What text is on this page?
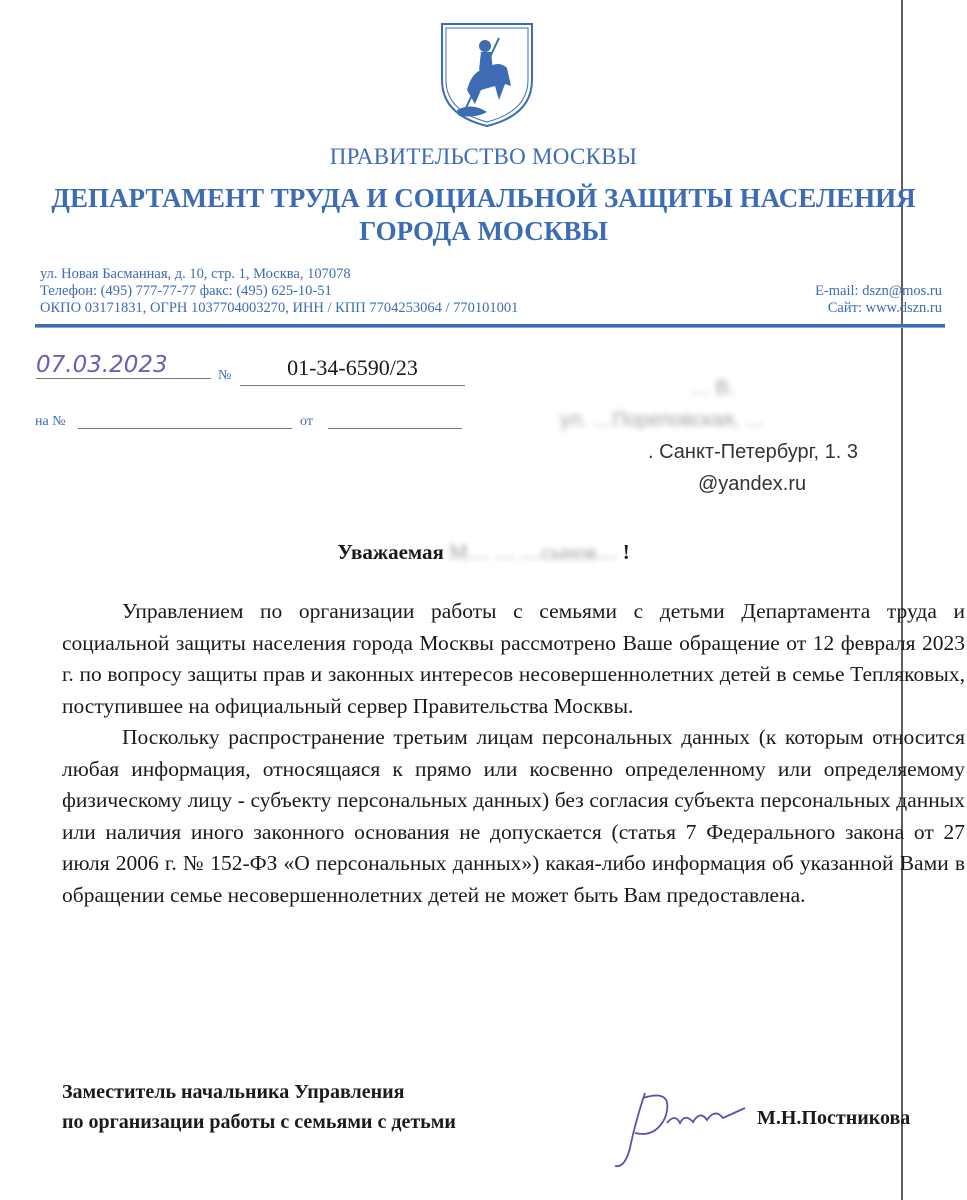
ПРАВИТЕЛЬСТВО МОСКВЫ
ДЕПАРТАМЕНТ ТРУДА И СОЦИАЛЬНОЙ ЗАЩИТЫ НАСЕЛЕНИЯ
ГОРОДА МОСКВЫ
ул. Новая Басманная, д. 10, стр. 1, Москва, 107078
Телефон: (495) 777-77-77 факс: (495) 625-10-51
ОКПО 03171831, ОГРН 1037704003270, ИНН / КПП 7704253064 / 770101001
E-mail: dszn@mos.ru
Сайт: www.dszn.ru
07.03.2023	№	01-34-6590/23
на №	от
… В.
ул. …Пореповская, …
. Санкт-Петербург, 1. 3
@yandex.ru
Уважаемая М… … …сынов… !

Управлением по организации работы с семьями с детьми Департамента труда и социальной защиты населения города Москвы рассмотрено Ваше обращение от 12 февраля 2023 г. по вопросу защиты прав и законных интересов несовершеннолетних детей в семье Тепляковых, поступившее на официальный сервер Правительства Москвы.

Поскольку распространение третьим лицам персональных данных (к которым относится любая информация, относящаяся к прямо или косвенно определенному или определяемому физическому лицу - субъекту персональных данных) без согласия субъекта персональных данных или наличия иного законного основания не допускается (статья 7 Федерального закона от 27 июля 2006 г. № 152-ФЗ «О персональных данных») какая-либо информация об указанной Вами в обращении семье несовершеннолетних детей не может быть Вам предоставлена.

Заместитель начальника Управления
по организации работы с семьями с детьми	М.Н.Постникова
